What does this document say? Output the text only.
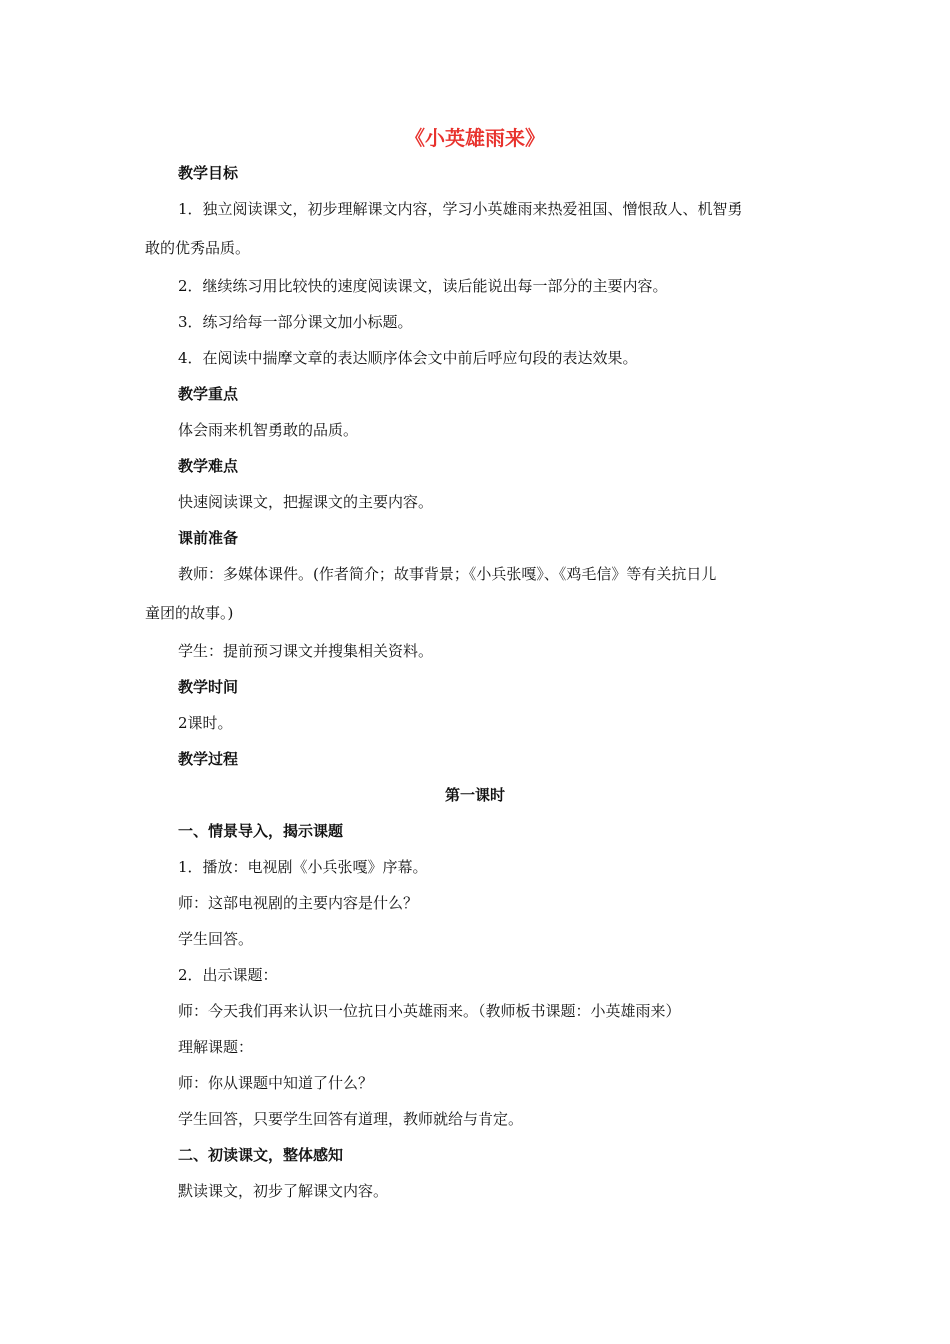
《小英雄雨来》
教学目标
1．独立阅读课文，初步理解课文内容，学习小英雄雨来热爱祖国、憎恨敌人、机智勇
敢的优秀品质。
2．继续练习用比较快的速度阅读课文，读后能说出每一部分的主要内容。
3．练习给每一部分课文加小标题。
4．在阅读中揣摩文章的表达顺序体会文中前后呼应句段的表达效果。
教学重点
体会雨来机智勇敢的品质。
教学难点
快速阅读课文，把握课文的主要内容。
课前准备
教师：多媒体课件。(作者简介；故事背景；《小兵张嘎》、《鸡毛信》等有关抗日儿
童团的故事。)
学生：提前预习课文并搜集相关资料。
教学时间
2课时。
教学过程
第一课时
一、情景导入，揭示课题
1．播放：电视剧《小兵张嘎》序幕。
师：这部电视剧的主要内容是什么？
学生回答。
2．出示课题：
师：今天我们再来认识一位抗日小英雄雨来。（教师板书课题：小英雄雨来）
理解课题：
师：你从课题中知道了什么？
学生回答，只要学生回答有道理，教师就给与肯定。
二、初读课文，整体感知
默读课文，初步了解课文内容。
